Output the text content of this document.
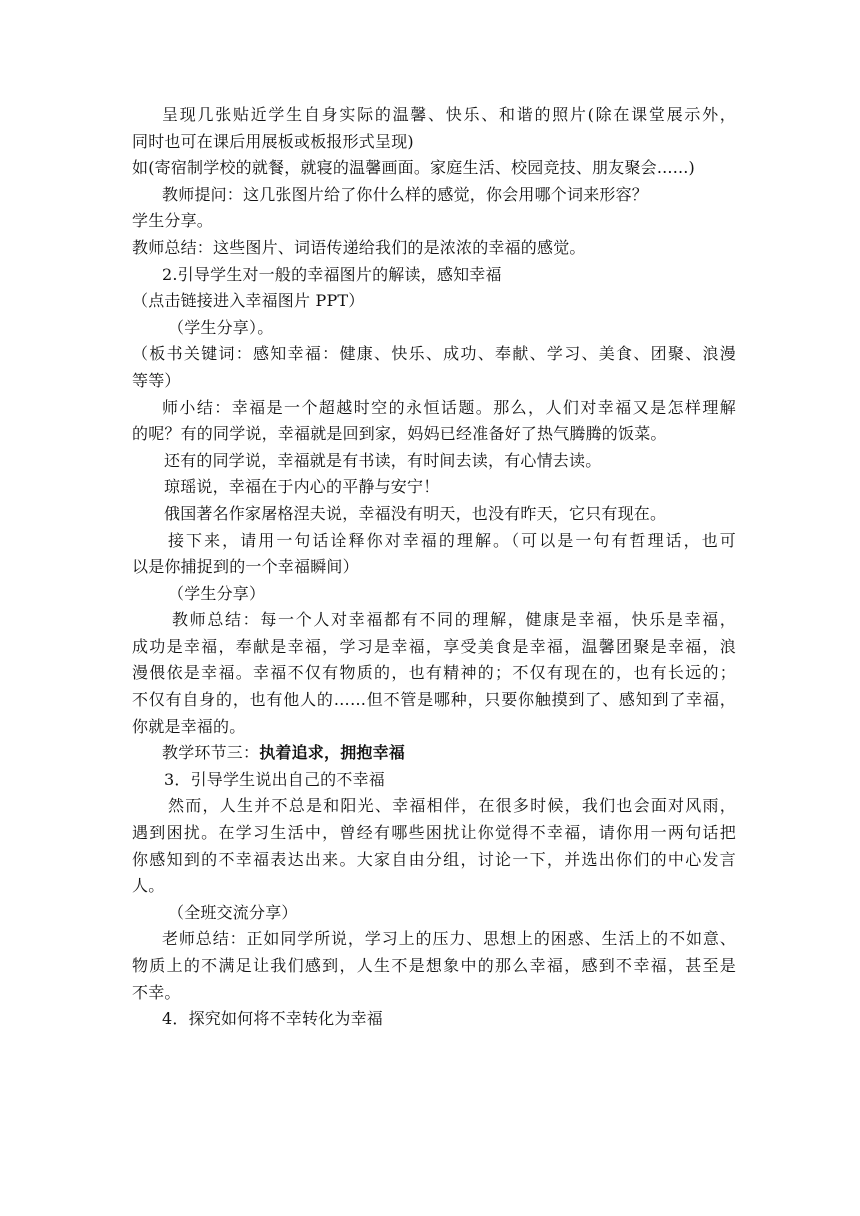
呈现几张贴近学生自身实际的温馨、快乐、和谐的照片(除在课堂展示外，
同时也可在课后用展板或板报形式呈现)
如(寄宿制学校的就餐，就寝的温馨画面。家庭生活、校园竞技、朋友聚会......)
教师提问：这几张图片给了你什么样的感觉，你会用哪个词来形容？
学生分享。
教师总结：这些图片、词语传递给我们的是浓浓的幸福的感觉。
2.引导学生对一般的幸福图片的解读，感知幸福
（点击链接进入幸福图片 PPT）
（学生分享）。
（板书关键词：感知幸福：健康、快乐、成功、奉献、学习、美食、团聚、浪漫
等等）
师小结：幸福是一个超越时空的永恒话题。那么，人们对幸福又是怎样理解
的呢？有的同学说，幸福就是回到家，妈妈已经准备好了热气腾腾的饭菜。
还有的同学说，幸福就是有书读，有时间去读，有心情去读。
琼瑶说，幸福在于内心的平静与安宁！
俄国著名作家屠格涅夫说，幸福没有明天，也没有昨天，它只有现在。
接下来，请用一句话诠释你对幸福的理解。（可以是一句有哲理话，也可
以是你捕捉到的一个幸福瞬间）
（学生分享）
教师总结：每一个人对幸福都有不同的理解，健康是幸福，快乐是幸福，
成功是幸福，奉献是幸福，学习是幸福，享受美食是幸福，温馨团聚是幸福，浪
漫偎依是幸福。幸福不仅有物质的，也有精神的；不仅有现在的，也有长远的；
不仅有自身的，也有他人的……但不管是哪种，只要你触摸到了、感知到了幸福，
你就是幸福的。
教学环节三：执着追求，拥抱幸福
3．引导学生说出自己的不幸福
然而，人生并不总是和阳光、幸福相伴，在很多时候，我们也会面对风雨，
遇到困扰。在学习生活中，曾经有哪些困扰让你觉得不幸福，请你用一两句话把
你感知到的不幸福表达出来。大家自由分组，讨论一下，并选出你们的中心发言
人。
（全班交流分享）
老师总结：正如同学所说，学习上的压力、思想上的困惑、生活上的不如意、
物质上的不满足让我们感到，人生不是想象中的那么幸福，感到不幸福，甚至是
不幸。
4．探究如何将不幸转化为幸福
